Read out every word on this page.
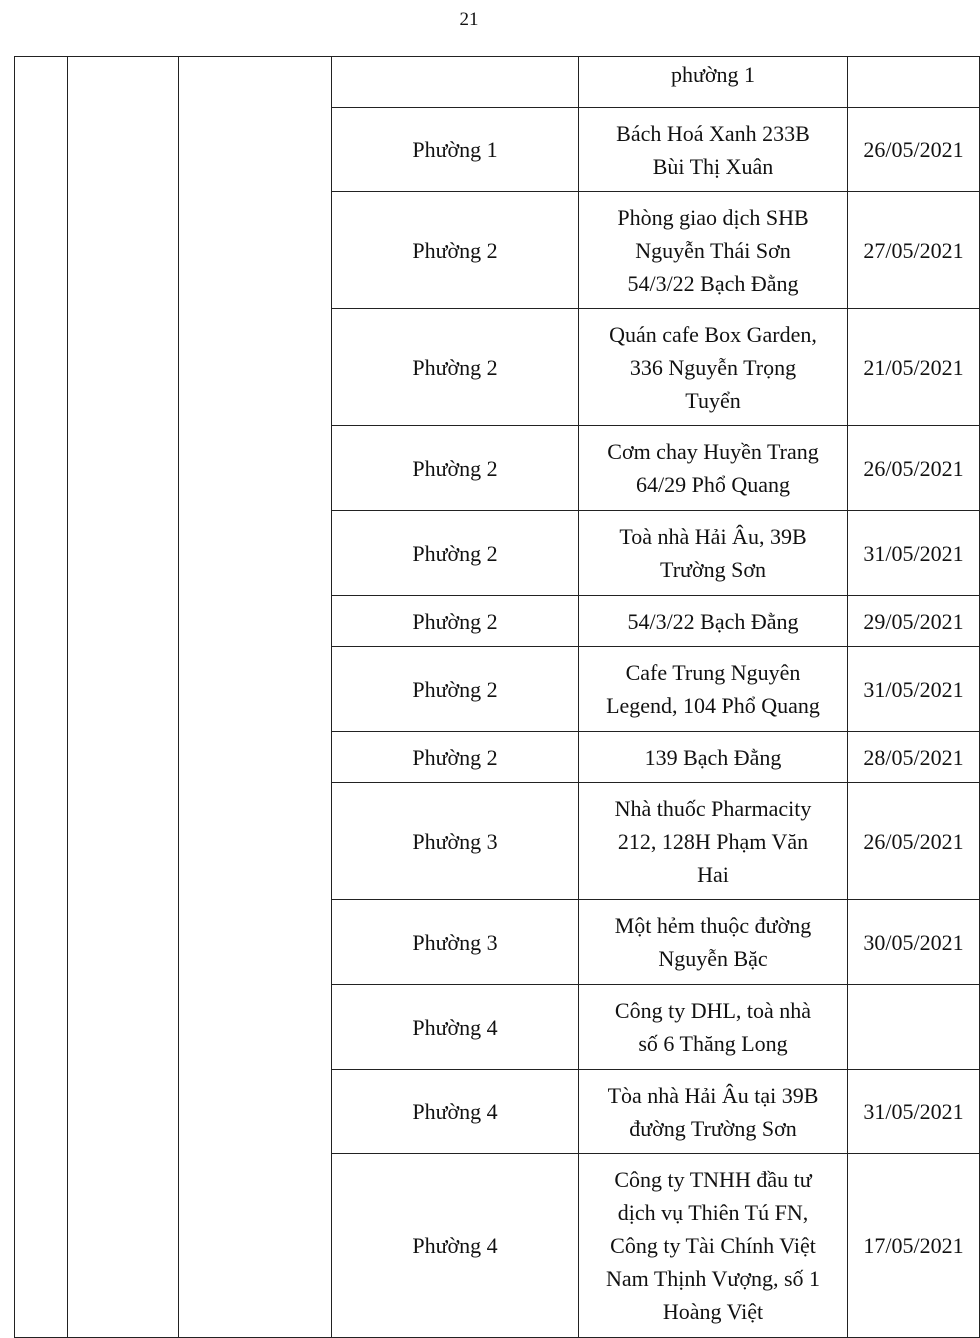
21
				phường 1	
			Phường 1	Bách Hoá Xanh 233B
Bùi Thị Xuân	26/05/2021
			Phường 2	Phòng giao dịch SHB
Nguyễn Thái Sơn
54/3/22 Bạch Đằng	27/05/2021
			Phường 2	Quán cafe Box Garden,
336 Nguyễn Trọng
Tuyển	21/05/2021
			Phường 2	Cơm chay Huyền Trang
64/29 Phổ Quang	26/05/2021
			Phường 2	Toà nhà Hải Âu, 39B
Trường Sơn	31/05/2021
			Phường 2	54/3/22 Bạch Đằng	29/05/2021
			Phường 2	Cafe Trung Nguyên
Legend, 104 Phổ Quang	31/05/2021
			Phường 2	139 Bạch Đằng	28/05/2021
			Phường 3	Nhà thuốc Pharmacity
212, 128H Phạm Văn
Hai	26/05/2021
			Phường 3	Một hẻm thuộc đường
Nguyễn Bặc	30/05/2021
			Phường 4	Công ty DHL, toà nhà
số 6 Thăng Long	
			Phường 4	Tòa nhà Hải Âu tại 39B
đường Trường Sơn	31/05/2021
			Phường 4	Công ty TNHH đầu tư
dịch vụ Thiên Tú FN,
Công ty Tài Chính Việt
Nam Thịnh Vượng, số 1
Hoàng Việt	17/05/2021
